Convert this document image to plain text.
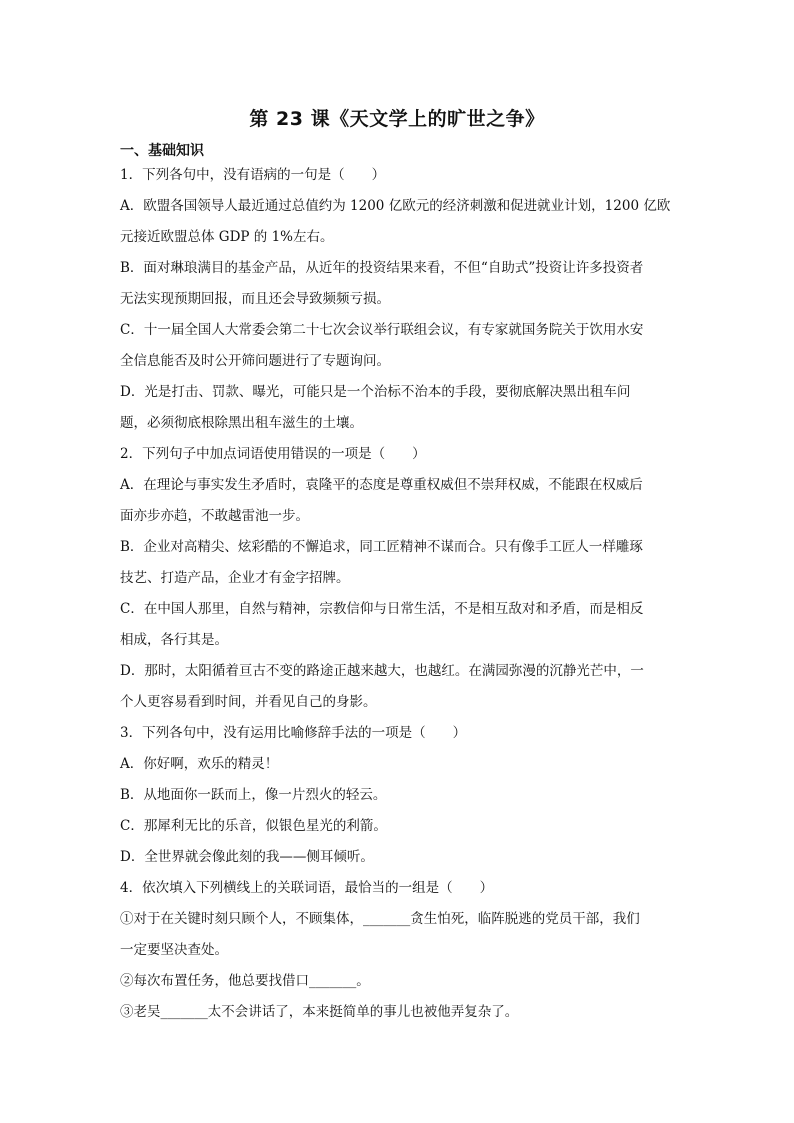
第 23 课《天文学上的旷世之争》
一、基础知识
1．下列各句中，没有语病的一句是（　　）
A．欧盟各国领导人最近通过总值约为 1200 亿欧元的经济刺激和促进就业计划，1200 亿欧
元接近欧盟总体 GDP 的 1%左右。
B．面对琳琅满目的基金产品，从近年的投资结果来看，不但“自助式”投资让许多投资者
无法实现预期回报，而且还会导致频频亏损。
C．十一届全国人大常委会第二十七次会议举行联组会议，有专家就国务院关于饮用水安
全信息能否及时公开筛问题进行了专题询问。
D．光是打击、罚款、曝光，可能只是一个治标不治本的手段，要彻底解决黑出租车问
题，必须彻底根除黑出租车滋生的土壤。
2．下列句子中加点词语使用错误的一项是（　　）
A．在理论与事实发生矛盾时，袁隆平的态度是尊重权威但不崇拜权威，不能跟在权威后
面亦步亦趋，不敢越雷池一步。
B．企业对高精尖、炫彩酷的不懈追求，同工匠精神不谋而合。只有像手工匠人一样雕琢
技艺、打造产品，企业才有金字招牌。
C．在中国人那里，自然与精神，宗教信仰与日常生活，不是相互敌对和矛盾，而是相反
相成，各行其是。
D．那时，太阳循着亘古不变的路途正越来越大，也越红。在满园弥漫的沉静光芒中，一
个人更容易看到时间，并看见自己的身影。
3．下列各句中，没有运用比喻修辞手法的一项是（　　）
A．你好啊，欢乐的精灵！
B．从地面你一跃而上，像一片烈火的轻云。
C．那犀利无比的乐音，似银色星光的利箭。
D．全世界就会像此刻的我——侧耳倾听。
4．依次填入下列横线上的关联词语，最恰当的一组是（　　）
①对于在关键时刻只顾个人，不顾集体，_______贪生怕死，临阵脱逃的党员干部，我们
一定要坚决查处。
②每次布置任务，他总要找借口_______。
③老吴_______太不会讲话了，本来挺简单的事儿也被他弄复杂了。
